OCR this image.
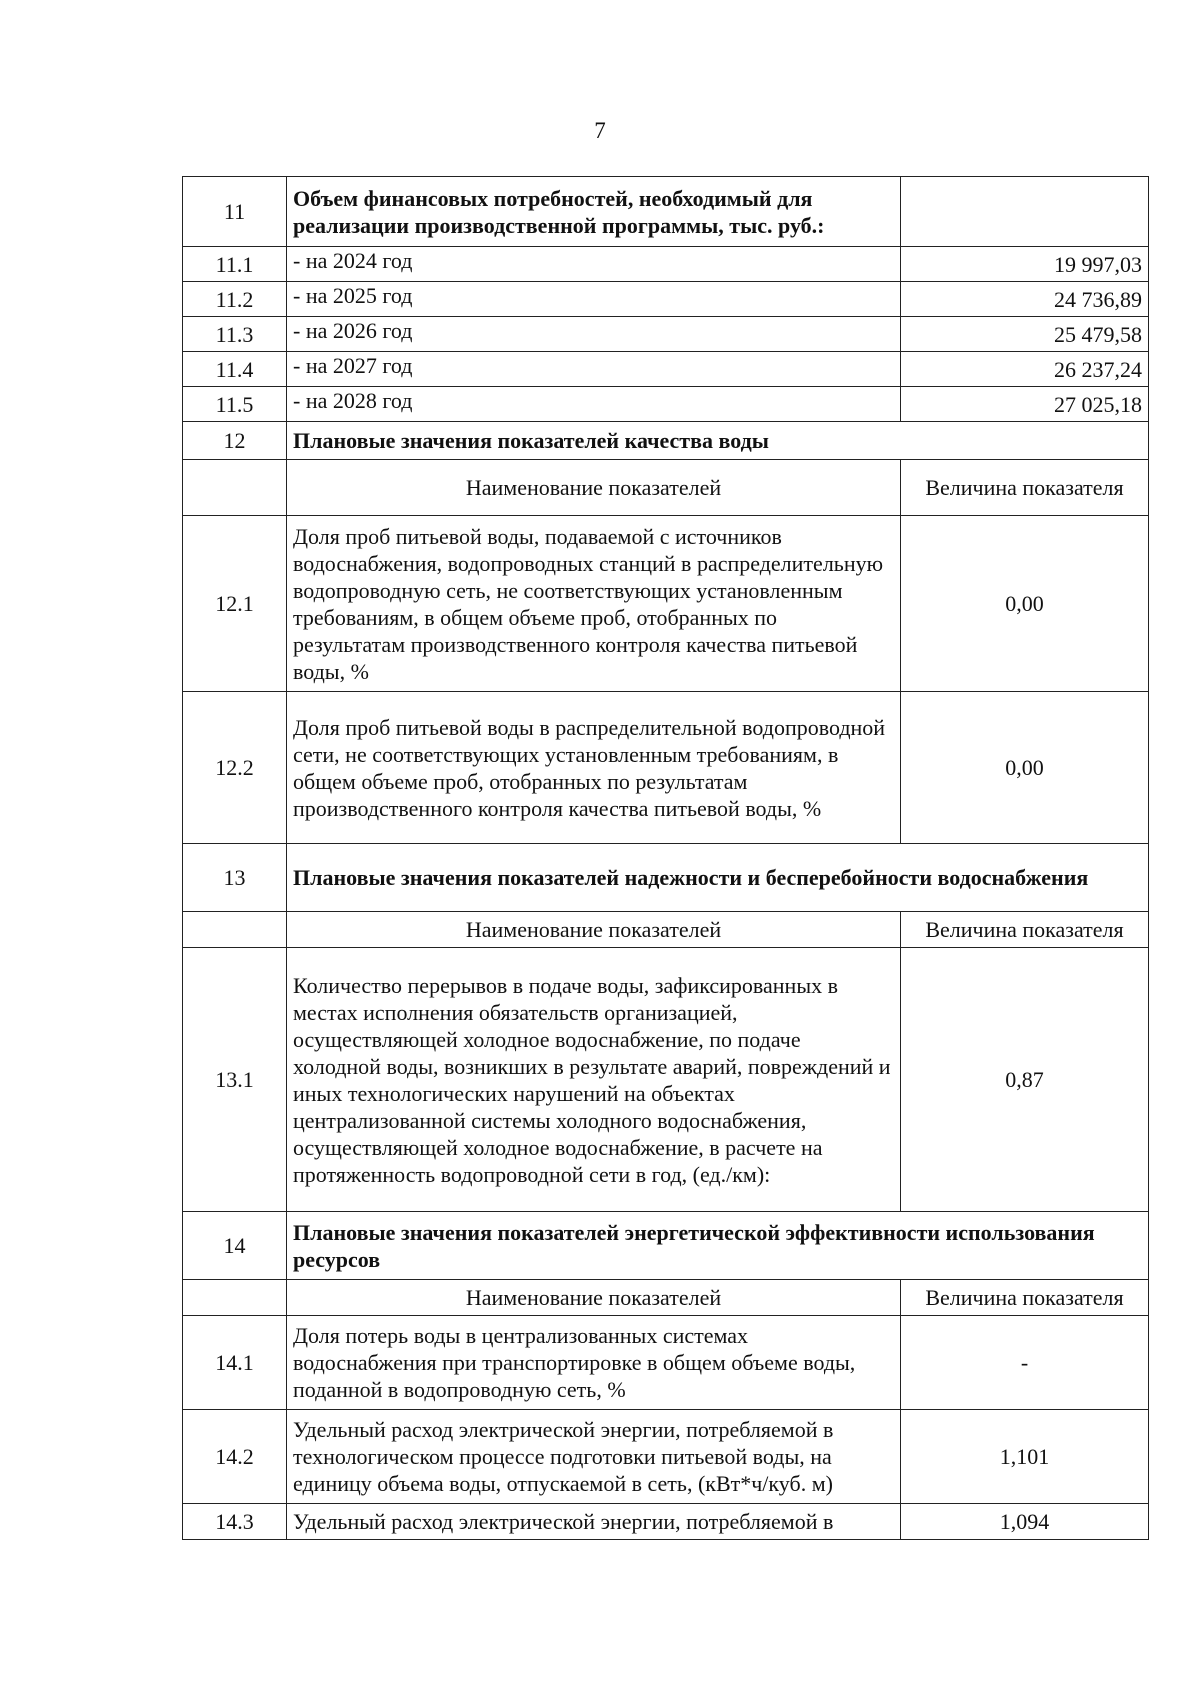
7
11	Объем финансовых потребностей, необходимый для реализации производственной программы, тыс. руб.:	
11.1	- на 2024 год	19 997,03
11.2	- на 2025 год	24 736,89
11.3	- на 2026 год	25 479,58
11.4	- на 2027 год	26 237,24
11.5	- на 2028 год	27 025,18
12	Плановые значения показателей качества воды	
	Наименование показателей	Величина показателя
12.1	Доля проб питьевой воды, подаваемой с источников водоснабжения, водопроводных станций в распределительную водопроводную сеть, не соответствующих установленным требованиям, в общем объеме проб, отобранных по результатам производственного контроля качества питьевой воды, %	0,00
12.2	Доля проб питьевой воды в распределительной водопроводной сети, не соответствующих установленным требованиям, в общем объеме проб, отобранных по результатам производственного контроля качества питьевой воды, %	0,00
13	Плановые значения показателей надежности и бесперебойности водоснабжения	
	Наименование показателей	Величина показателя
13.1	Количество перерывов в подаче воды, зафиксированных в местах исполнения обязательств организацией, осуществляющей холодное водоснабжение, по подаче холодной воды, возникших в результате аварий, повреждений и иных технологических нарушений на объектах централизованной системы холодного водоснабжения, осуществляющей холодное водоснабжение, в расчете на протяженность водопроводной сети в год, (ед./км):	0,87
14	Плановые значения показателей энергетической эффективности использования ресурсов	
	Наименование показателей	Величина показателя
14.1	Доля потерь воды в централизованных системах водоснабжения при транспортировке в общем объеме воды, поданной в водопроводную сеть, %	-
14.2	Удельный расход электрической энергии, потребляемой в технологическом процессе подготовки питьевой воды, на единицу объема воды, отпускаемой в сеть, (кВт*ч/куб. м)	1,101
14.3	Удельный расход электрической энергии, потребляемой в	1,094
